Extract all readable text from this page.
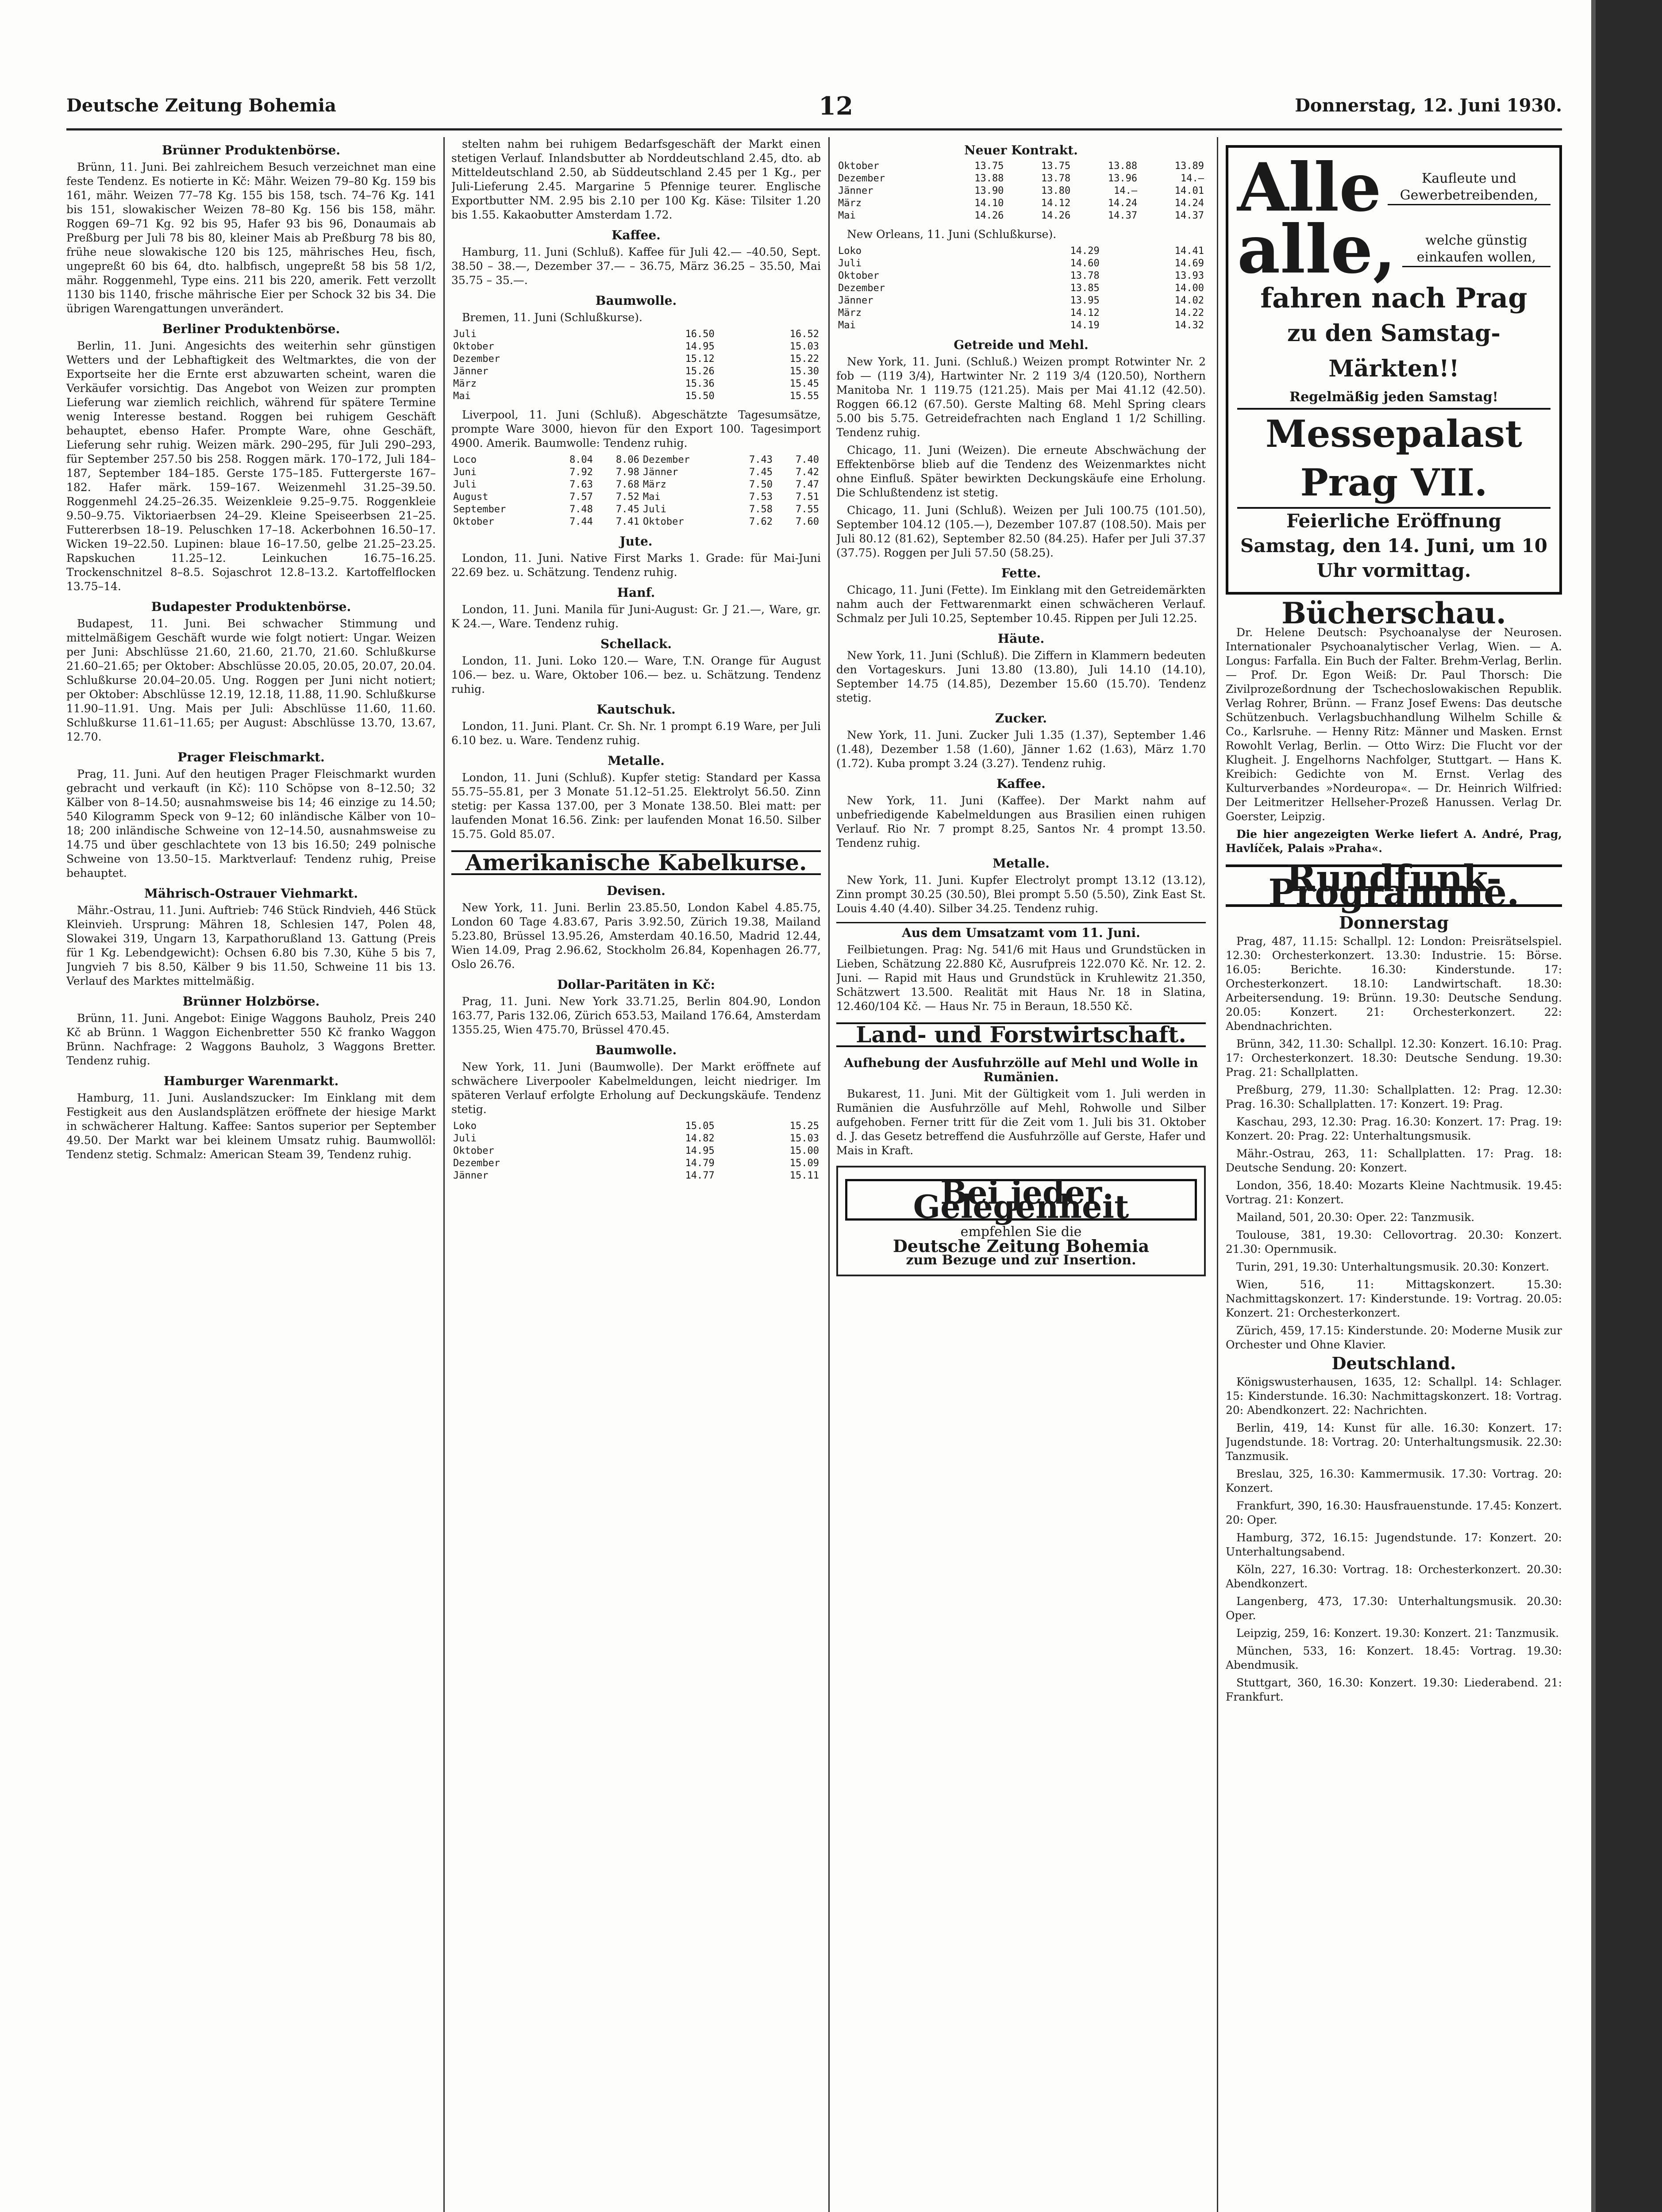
Deutsche Zeitung Bohemia	12	Donnerstag, 12. Juni 1930.
Brünner Produktenbörse.

Brünn, 11. Juni. Bei zahlreichem Besuch verzeichnet man eine feste Tendenz. Es notierte in Kč: Mähr. Weizen 79–80 Kg. 159 bis 161, mähr. Weizen 77–78 Kg. 155 bis 158, tsch. 74–76 Kg. 141 bis 151, slowakischer Weizen 78–80 Kg. 156 bis 158, mähr. Roggen 69–71 Kg. 92 bis 95, Hafer 93 bis 96, Donaumais ab Preßburg per Juli 78 bis 80, kleiner Mais ab Preßburg 78 bis 80, frühe neue slowakische 120 bis 125, mährisches Heu, fisch, ungepreßt 60 bis 64, dto. halbfisch, ungepreßt 58 bis 58 1/2, mähr. Roggenmehl, Type eins. 211 bis 220, amerik. Fett verzollt 1130 bis 1140, frische mährische Eier per Schock 32 bis 34. Die übrigen Warengattungen unverändert.

Berliner Produktenbörse.

Berlin, 11. Juni. Angesichts des weiterhin sehr günstigen Wetters und der Lebhaftigkeit des Weltmarktes, die von der Exportseite her die Ernte erst abzuwarten scheint, waren die Verkäufer vorsichtig. Das Angebot von Weizen zur prompten Lieferung war ziemlich reichlich, während für spätere Termine wenig Interesse bestand. Roggen bei ruhigem Geschäft behauptet, ebenso Hafer. Prompte Ware, ohne Geschäft, Lieferung sehr ruhig. Weizen märk. 290–295, für Juli 290–293, für September 257.50 bis 258. Roggen märk. 170–172, Juli 184–187, September 184–185. Gerste 175–185. Futtergerste 167–182. Hafer märk. 159–167. Weizenmehl 31.25–39.50. Roggenmehl 24.25–26.35. Weizenkleie 9.25–9.75. Roggenkleie 9.50–9.75. Viktoriaerbsen 24–29. Kleine Speiseerbsen 21–25. Futtererbsen 18–19. Peluschken 17–18. Ackerbohnen 16.50–17. Wicken 19–22.50. Lupinen: blaue 16–17.50, gelbe 21.25–23.25. Rapskuchen 11.25–12. Leinkuchen 16.75–16.25. Trockenschnitzel 8–8.5. Sojaschrot 12.8–13.2. Kartoffelflocken 13.75–14.

Budapester Produktenbörse.

Budapest, 11. Juni. Bei schwacher Stimmung und mittelmäßigem Geschäft wurde wie folgt notiert: Ungar. Weizen per Juni: Abschlüsse 21.60, 21.60, 21.70, 21.60. Schlußkurse 21.60–21.65; per Oktober: Abschlüsse 20.05, 20.05, 20.07, 20.04. Schlußkurse 20.04–20.05. Ung. Roggen per Juni nicht notiert; per Oktober: Abschlüsse 12.19, 12.18, 11.88, 11.90. Schlußkurse 11.90–11.91. Ung. Mais per Juli: Abschlüsse 11.60, 11.60. Schlußkurse 11.61–11.65; per August: Abschlüsse 13.70, 13.67, 12.70.

Prager Fleischmarkt.

Prag, 11. Juni. Auf den heutigen Prager Fleischmarkt wurden gebracht und verkauft (in Kč): 110 Schöpse von 8–12.50; 32 Kälber von 8–14.50; ausnahmsweise bis 14; 46 einzige zu 14.50; 540 Kilogramm Speck von 9–12; 60 inländische Kälber von 10–18; 200 inländische Schweine von 12–14.50, ausnahmsweise zu 14.75 und über geschlachtete von 13 bis 16.50; 249 polnische Schweine von 13.50–15. Marktverlauf: Tendenz ruhig, Preise behauptet.

Mährisch-Ostrauer Viehmarkt.

Mähr.-Ostrau, 11. Juni. Auftrieb: 746 Stück Rindvieh, 446 Stück Kleinvieh. Ursprung: Mähren 18, Schlesien 147, Polen 48, Slowakei 319, Ungarn 13, Karpathorußland 13. Gattung (Preis für 1 Kg. Lebendgewicht): Ochsen 6.80 bis 7.30, Kühe 5 bis 7, Jungvieh 7 bis 8.50, Kälber 9 bis 11.50, Schweine 11 bis 13. Verlauf des Marktes mittelmäßig.

Brünner Holzbörse.

Brünn, 11. Juni. Angebot: Einige Waggons Bauholz, Preis 240 Kč ab Brünn. 1 Waggon Eichenbretter 550 Kč franko Waggon Brünn. Nachfrage: 2 Waggons Bauholz, 3 Waggons Bretter. Tendenz ruhig.

Hamburger Warenmarkt.

Hamburg, 11. Juni. Auslandszucker: Im Einklang mit dem Festigkeit aus den Auslandsplätzen eröffnete der hiesige Markt in schwächerer Haltung. Kaffee: Santos superior per September 49.50. Der Markt war bei kleinem Umsatz ruhig. Baumwollöl: Tendenz stetig. Schmalz: American Steam 39, Tendenz ruhig.

stelten nahm bei ruhigem Bedarfsgeschäft der Markt einen stetigen Verlauf. Inlandsbutter ab Norddeutschland 2.45, dto. ab Mitteldeutschland 2.50, ab Süddeutschland 2.45 per 1 Kg., per Juli-Lieferung 2.45. Margarine 5 Pfennige teurer. Englische Exportbutter NM. 2.95 bis 2.10 per 100 Kg. Käse: Tilsiter 1.20 bis 1.55. Kakaobutter Amsterdam 1.72.

Kaffee.

Hamburg, 11. Juni (Schluß). Kaffee für Juli 42.— –40.50, Sept. 38.50 – 38.—, Dezember 37.— – 36.75, März 36.25 – 35.50, Mai 35.75 – 35.—.

Baumwolle.

Bremen, 11. Juni (Schlußkurse).

Juli	16.50	16.52
Oktober	14.95	15.03
Dezember	15.12	15.22
Jänner	15.26	15.30
März	15.36	15.45
Mai	15.50	15.55

Liverpool, 11. Juni (Schluß). Abgeschätzte Tagesumsätze, prompte Ware 3000, hievon für den Export 100. Tagesimport 4900. Amerik. Baumwolle: Tendenz ruhig.

Loco	8.04	8.06	Dezember	7.43	7.40
Juni	7.92	7.98	Jänner	7.45	7.42
Juli	7.63	7.68	März	7.50	7.47
August	7.57	7.52	Mai	7.53	7.51
September	7.48	7.45	Juli	7.58	7.55
Oktober	7.44	7.41	Oktober	7.62	7.60
Jute.

London, 11. Juni. Native First Marks 1. Grade: für Mai-Juni 22.69 bez. u. Schätzung. Tendenz ruhig.

Hanf.

London, 11. Juni. Manila für Juni-August: Gr. J 21.—, Ware, gr. K 24.—, Ware. Tendenz ruhig.

Schellack.

London, 11. Juni. Loko 120.— Ware, T.N. Orange für August 106.— bez. u. Ware, Oktober 106.— bez. u. Schätzung. Tendenz ruhig.

Kautschuk.

London, 11. Juni. Plant. Cr. Sh. Nr. 1 prompt 6.19 Ware, per Juli 6.10 bez. u. Ware. Tendenz ruhig.

Metalle.

London, 11. Juni (Schluß). Kupfer stetig: Standard per Kassa 55.75–55.81, per 3 Monate 51.12–51.25. Elektrolyt 56.50. Zinn stetig: per Kassa 137.00, per 3 Monate 138.50. Blei matt: per laufenden Monat 16.56. Zink: per laufenden Monat 16.50. Silber 15.75. Gold 85.07.

Amerikanische Kabelkurse.
Devisen.

New York, 11. Juni. Berlin 23.85.50, London Kabel 4.85.75, London 60 Tage 4.83.67, Paris 3.92.50, Zürich 19.38, Mailand 5.23.80, Brüssel 13.95.26, Amsterdam 40.16.50, Madrid 12.44, Wien 14.09, Prag 2.96.62, Stockholm 26.84, Kopenhagen 26.77, Oslo 26.76.

Dollar-Paritäten in Kč:

Prag, 11. Juni. New York 33.71.25, Berlin 804.90, London 163.77, Paris 132.06, Zürich 653.53, Mailand 176.64, Amsterdam 1355.25, Wien 475.70, Brüssel 470.45.

Baumwolle.

New York, 11. Juni (Baumwolle). Der Markt eröffnete auf schwächere Liverpooler Kabelmeldungen, leicht niedriger. Im späteren Verlauf erfolgte Erholung auf Deckungskäufe. Tendenz stetig.

Loko	15.05	15.25
Juli	14.82	15.03
Oktober	14.95	15.00
Dezember	14.79	15.09
Jänner	14.77	15.11
Neuer Kontrakt.
Oktober	13.75	13.75	13.88	13.89
Dezember	13.88	13.78	13.96	14.—
Jänner	13.90	13.80	14.—	14.01
März	14.10	14.12	14.24	14.24
Mai	14.26	14.26	14.37	14.37

New Orleans, 11. Juni (Schlußkurse).

Loko	14.29	14.41
Juli	14.60	14.69
Oktober	13.78	13.93
Dezember	13.85	14.00
Jänner	13.95	14.02
März	14.12	14.22
Mai	14.19	14.32
Getreide und Mehl.

New York, 11. Juni. (Schluß.) Weizen prompt Rotwinter Nr. 2 fob — (119 3/4), Hartwinter Nr. 2 119 3/4 (120.50), Northern Manitoba Nr. 1 119.75 (121.25). Mais per Mai 41.12 (42.50). Roggen 66.12 (67.50). Gerste Malting 68. Mehl Spring clears 5.00 bis 5.75. Getreidefrachten nach England 1 1/2 Schilling. Tendenz ruhig.

Chicago, 11. Juni (Weizen). Die erneute Abschwächung der Effektenbörse blieb auf die Tendenz des Weizenmarktes nicht ohne Einfluß. Später bewirkten Deckungskäufe eine Erholung. Die Schlußtendenz ist stetig.

Chicago, 11. Juni (Schluß). Weizen per Juli 100.75 (101.50), September 104.12 (105.—), Dezember 107.87 (108.50). Mais per Juli 80.12 (81.62), September 82.50 (84.25). Hafer per Juli 37.37 (37.75). Roggen per Juli 57.50 (58.25).

Fette.

Chicago, 11. Juni (Fette). Im Einklang mit den Getreidemärkten nahm auch der Fettwarenmarkt einen schwächeren Verlauf. Schmalz per Juli 10.25, September 10.45. Rippen per Juli 12.25.

Häute.

New York, 11. Juni (Schluß). Die Ziffern in Klammern bedeuten den Vortageskurs. Juni 13.80 (13.80), Juli 14.10 (14.10), September 14.75 (14.85), Dezember 15.60 (15.70). Tendenz stetig.

Zucker.

New York, 11. Juni. Zucker Juli 1.35 (1.37), September 1.46 (1.48), Dezember 1.58 (1.60), Jänner 1.62 (1.63), März 1.70 (1.72). Kuba prompt 3.24 (3.27). Tendenz ruhig.

Kaffee.

New York, 11. Juni (Kaffee). Der Markt nahm auf unbefriedigende Kabelmeldungen aus Brasilien einen ruhigen Verlauf. Rio Nr. 7 prompt 8.25, Santos Nr. 4 prompt 13.50. Tendenz ruhig.

Metalle.

New York, 11. Juni. Kupfer Electrolyt prompt 13.12 (13.12), Zinn prompt 30.25 (30.50), Blei prompt 5.50 (5.50), Zink East St. Louis 4.40 (4.40). Silber 34.25. Tendenz ruhig.

Aus dem Umsatzamt vom 11. Juni.

Feilbietungen. Prag: Ng. 541/6 mit Haus und Grundstücken in Lieben, Schätzung 22.880 Kč, Ausrufpreis 122.070 Kč. Nr. 12. 2. Juni. — Rapid mit Haus und Grundstück in Kruhlewitz 21.350, Schätzwert 13.500. Realität mit Haus Nr. 18 in Slatina, 12.460/104 Kč. — Haus Nr. 75 in Beraun, 18.550 Kč.

Land- und Forstwirtschaft.
Aufhebung der Ausfuhrzölle auf Mehl und Wolle in Rumänien.

Bukarest, 11. Juni. Mit der Gültigkeit vom 1. Juli werden in Rumänien die Ausfuhrzölle auf Mehl, Rohwolle und Silber aufgehoben. Ferner tritt für die Zeit vom 1. Juli bis 31. Oktober d. J. das Gesetz betreffend die Ausfuhrzölle auf Gerste, Hafer und Mais in Kraft.

Bei jeder Gelegenheit
empfehlen Sie die
Deutsche Zeitung Bohemia
zum Bezuge und zur Insertion.
Alle	Kaufleute und Gewerbetreibenden,
alle,	welche günstig einkaufen wollen,
fahren nach Prag
zu den Samstag-Märkten!!
Regelmäßig jeden Samstag!
Messepalast Prag VII.
Feierliche Eröffnung Samstag, den 14. Juni, um 10 Uhr vormittag.
Bücherschau.

Dr. Helene Deutsch: Psychoanalyse der Neurosen. Internationaler Psychoanalytischer Verlag, Wien. — A. Longus: Farfalla. Ein Buch der Falter. Brehm-Verlag, Berlin. — Prof. Dr. Egon Weiß: Dr. Paul Thorsch: Die Zivilprozeßordnung der Tschechoslowakischen Republik. Verlag Rohrer, Brünn. — Franz Josef Ewens: Das deutsche Schützenbuch. Verlagsbuchhandlung Wilhelm Schille & Co., Karlsruhe. — Henny Ritz: Männer und Masken. Ernst Rowohlt Verlag, Berlin. — Otto Wirz: Die Flucht vor der Klugheit. J. Engelhorns Nachfolger, Stuttgart. — Hans K. Kreibich: Gedichte von M. Ernst. Verlag des Kulturverbandes »Nordeuropa«. — Dr. Heinrich Wilfried: Der Leitmeritzer Hellseher-Prozeß Hanussen. Verlag Dr. Goerster, Leipzig.

Die hier angezeigten Werke liefert A. André, Prag, Havlíček, Palais »Praha«.

Rundfunk-Programme.
Donnerstag

Prag, 487, 11.15: Schallpl. 12: London: Preisrätselspiel. 12.30: Orchesterkonzert. 13.30: Industrie. 15: Börse. 16.05: Berichte. 16.30: Kinderstunde. 17: Orchesterkonzert. 18.10: Landwirtschaft. 18.30: Arbeitersendung. 19: Brünn. 19.30: Deutsche Sendung. 20.05: Konzert. 21: Orchesterkonzert. 22: Abendnachrichten.

Brünn, 342, 11.30: Schallpl. 12.30: Konzert. 16.10: Prag. 17: Orchesterkonzert. 18.30: Deutsche Sendung. 19.30: Prag. 21: Schallplatten.

Preßburg, 279, 11.30: Schallplatten. 12: Prag. 12.30: Prag. 16.30: Schallplatten. 17: Konzert. 19: Prag.

Kaschau, 293, 12.30: Prag. 16.30: Konzert. 17: Prag. 19: Konzert. 20: Prag. 22: Unterhaltungsmusik.

Mähr.-Ostrau, 263, 11: Schallplatten. 17: Prag. 18: Deutsche Sendung. 20: Konzert.

London, 356, 18.40: Mozarts Kleine Nachtmusik. 19.45: Vortrag. 21: Konzert.

Mailand, 501, 20.30: Oper. 22: Tanzmusik.

Toulouse, 381, 19.30: Cellovortrag. 20.30: Konzert. 21.30: Opernmusik.

Turin, 291, 19.30: Unterhaltungsmusik. 20.30: Konzert.

Wien, 516, 11: Mittagskonzert. 15.30: Nachmittagskonzert. 17: Kinderstunde. 19: Vortrag. 20.05: Konzert. 21: Orchesterkonzert.

Zürich, 459, 17.15: Kinderstunde. 20: Moderne Musik zur Orchester und Ohne Klavier.

Deutschland.

Königswusterhausen, 1635, 12: Schallpl. 14: Schlager. 15: Kinderstunde. 16.30: Nachmittagskonzert. 18: Vortrag. 20: Abendkonzert. 22: Nachrichten.

Berlin, 419, 14: Kunst für alle. 16.30: Konzert. 17: Jugendstunde. 18: Vortrag. 20: Unterhaltungsmusik. 22.30: Tanzmusik.

Breslau, 325, 16.30: Kammermusik. 17.30: Vortrag. 20: Konzert.

Frankfurt, 390, 16.30: Hausfrauenstunde. 17.45: Konzert. 20: Oper.

Hamburg, 372, 16.15: Jugendstunde. 17: Konzert. 20: Unterhaltungsabend.

Köln, 227, 16.30: Vortrag. 18: Orchesterkonzert. 20.30: Abendkonzert.

Langenberg, 473, 17.30: Unterhaltungsmusik. 20.30: Oper.

Leipzig, 259, 16: Konzert. 19.30: Konzert. 21: Tanzmusik.

München, 533, 16: Konzert. 18.45: Vortrag. 19.30: Abendmusik.

Stuttgart, 360, 16.30: Konzert. 19.30: Liederabend. 21: Frankfurt.
